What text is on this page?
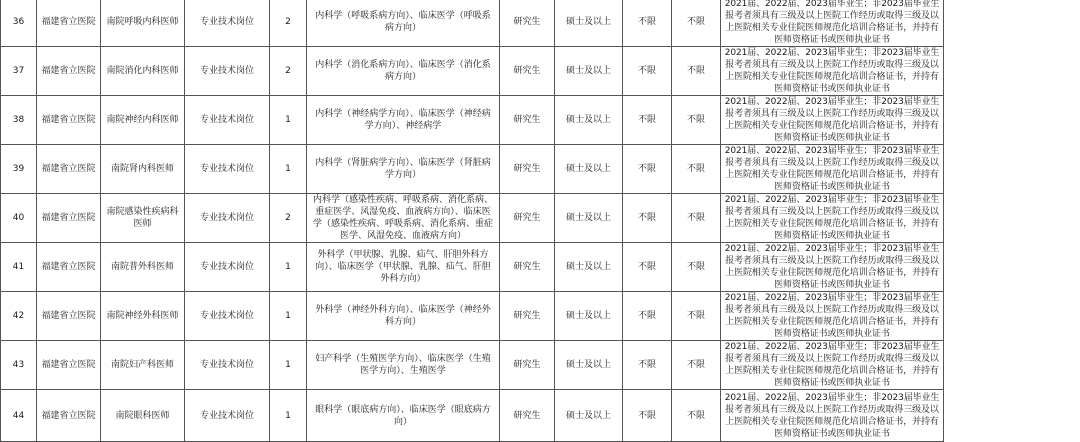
36	福建省立医院	南院呼吸内科医师	专业技术岗位	2	内科学（呼吸系病方向）、临床医学（呼吸系病方向）	研究生	硕士及以上	不限	不限	2021届、2022届、2023届毕业生；非2023届毕业生报考者须具有三级及以上医院工作经历或取得三级及以上医院相关专业住院医师规范化培训合格证书，并持有医师资格证书或医师执业证书	
37	福建省立医院	南院消化内科医师	专业技术岗位	2	内科学（消化系病方向）、临床医学（消化系病方向）	研究生	硕士及以上	不限	不限	2021届、2022届、2023届毕业生；非2023届毕业生报考者须具有三级及以上医院工作经历或取得三级及以上医院相关专业住院医师规范化培训合格证书，并持有医师资格证书或医师执业证书	
38	福建省立医院	南院神经内科医师	专业技术岗位	1	内科学（神经病学方向）、临床医学（神经病学方向）、神经病学	研究生	硕士及以上	不限	不限	2021届、2022届、2023届毕业生；非2023届毕业生报考者须具有三级及以上医院工作经历或取得三级及以上医院相关专业住院医师规范化培训合格证书，并持有医师资格证书或医师执业证书	
39	福建省立医院	南院肾内科医师	专业技术岗位	1	内科学（肾脏病学方向）、临床医学（肾脏病学方向）	研究生	硕士及以上	不限	不限	2021届、2022届、2023届毕业生；非2023届毕业生报考者须具有三级及以上医院工作经历或取得三级及以上医院相关专业住院医师规范化培训合格证书，并持有医师资格证书或医师执业证书	
40	福建省立医院	南院感染性疾病科医师	专业技术岗位	2	内科学（感染性疾病、呼吸系病、消化系病、重症医学、风湿免疫、血液病方向）、临床医学（感染性疾病、呼吸系病、消化系病、重症医学、风湿免疫、血液病方向）	研究生	硕士及以上	不限	不限	2021届、2022届、2023届毕业生；非2023届毕业生报考者须具有三级及以上医院工作经历或取得三级及以上医院相关专业住院医师规范化培训合格证书，并持有医师资格证书或医师执业证书	
41	福建省立医院	南院普外科医师	专业技术岗位	1	外科学（甲状腺、乳腺、疝气、肝胆外科方向）、临床医学（甲状腺、乳腺、疝气、肝胆外科方向）	研究生	硕士及以上	不限	不限	2021届、2022届、2023届毕业生；非2023届毕业生报考者须具有三级及以上医院工作经历或取得三级及以上医院相关专业住院医师规范化培训合格证书，并持有医师资格证书或医师执业证书	
42	福建省立医院	南院神经外科医师	专业技术岗位	1	外科学（神经外科方向）、临床医学（神经外科方向）	研究生	硕士及以上	不限	不限	2021届、2022届、2023届毕业生；非2023届毕业生报考者须具有三级及以上医院工作经历或取得三级及以上医院相关专业住院医师规范化培训合格证书，并持有医师资格证书或医师执业证书	
43	福建省立医院	南院妇产科医师	专业技术岗位	1	妇产科学（生殖医学方向）、临床医学（生殖医学方向）、生殖医学	研究生	硕士及以上	不限	不限	2021届、2022届、2023届毕业生；非2023届毕业生报考者须具有三级及以上医院工作经历或取得三级及以上医院相关专业住院医师规范化培训合格证书，并持有医师资格证书或医师执业证书	
44	福建省立医院	南院眼科医师	专业技术岗位	1	眼科学（眼底病方向）、临床医学（眼底病方向）	研究生	硕士及以上	不限	不限	2021届、2022届、2023届毕业生；非2023届毕业生报考者须具有三级及以上医院工作经历或取得三级及以上医院相关专业住院医师规范化培训合格证书，并持有医师资格证书或医师执业证书	
